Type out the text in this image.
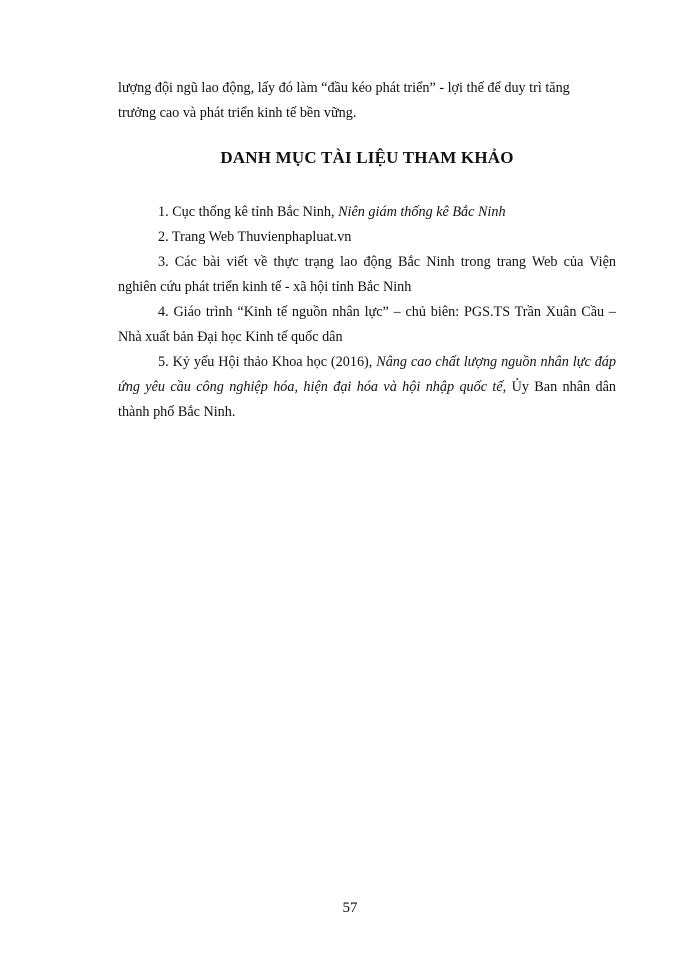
lượng đội ngũ lao động, lấy đó làm “đầu kéo phát triển” - lợi thế để duy trì tăng
trưởng cao và phát triển kinh tế bền vững.
DANH MỤC TÀI LIỆU THAM KHẢO

1. Cục thống kê tỉnh Bắc Ninh, Niên giám thống kê Bắc Ninh

2. Trang Web Thuvienphapluat.vn

3. Các bài viết về thực trạng lao động Bắc Ninh trong trang Web của Viện nghiên cứu phát triển kinh tế - xã hội tỉnh Bắc Ninh

4. Giáo trình “Kinh tế nguồn nhân lực” – chủ biên: PGS.TS Trần Xuân Cầu – Nhà xuất bản Đại học Kinh tế quốc dân

5. Kỷ yếu Hội thảo Khoa học (2016), Nâng cao chất lượng nguồn nhân lực đáp ứng yêu cầu công nghiệp hóa, hiện đại hóa và hội nhập quốc tế, Ủy Ban nhân dân thành phố Bắc Ninh.

57
